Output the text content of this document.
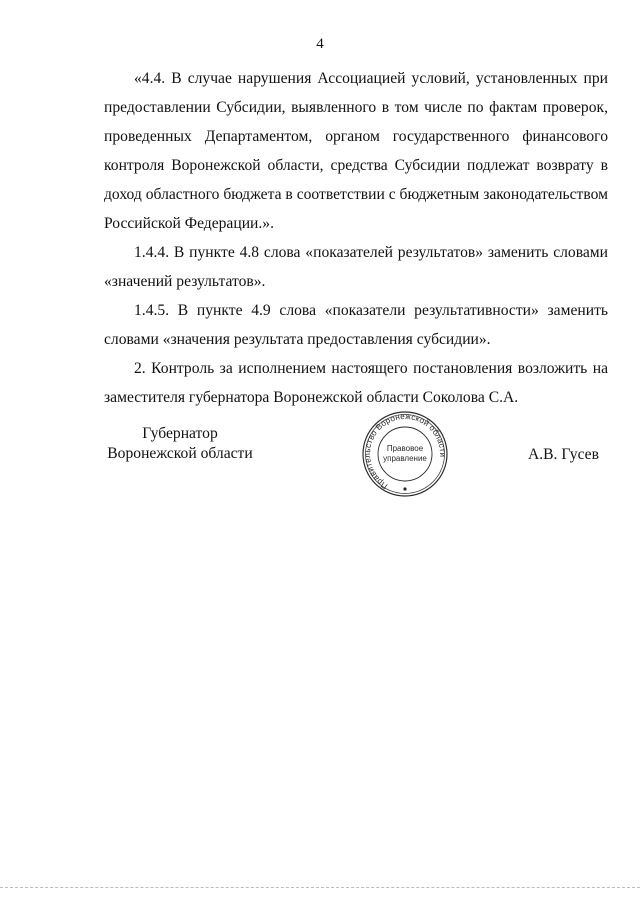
4

«4.4. В случае нарушения Ассоциацией условий, установленных при предоставлении Субсидии, выявленного в том числе по фактам проверок, проведенных Департаментом, органом государственного финансового контроля Воронежской области, средства Субсидии подлежат возврату в доход областного бюджета в соответствии с бюджетным законодательством Российской Федерации.».

1.4.4. В пункте 4.8 слова «показателей результатов» заменить словами «значений результатов».

1.4.5. В пункте 4.9 слова «показатели результативности» заменить словами «значения результата предоставления субсидии».

2. Контроль за исполнением настоящего постановления возложить на заместителя губернатора Воронежской области Соколова С.А.

Губернатор
Воронежской области
Правительство Воронежской области
Правовое
управление	А.В. Гусев
